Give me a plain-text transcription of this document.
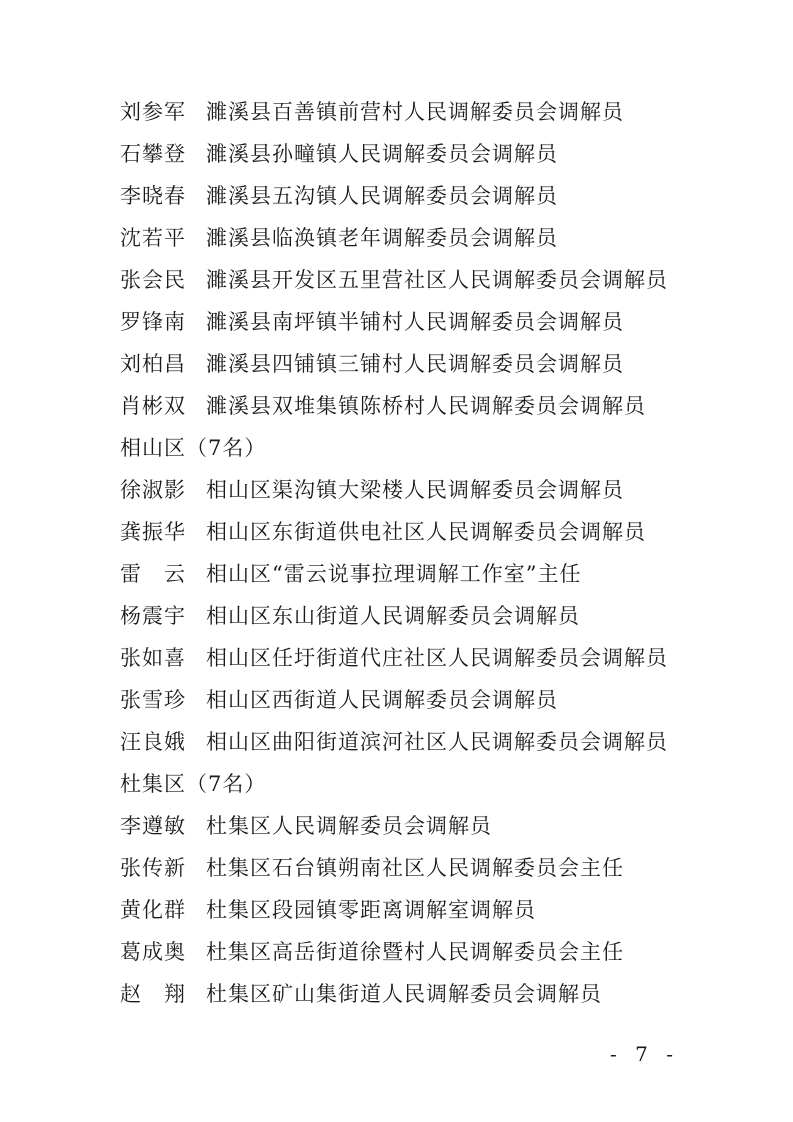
刘参军 濉溪县百善镇前营村人民调解委员会调解员
石攀登 濉溪县孙疃镇人民调解委员会调解员
李晓春 濉溪县五沟镇人民调解委员会调解员
沈若平 濉溪县临涣镇老年调解委员会调解员
张会民 濉溪县开发区五里营社区人民调解委员会调解员
罗锋南 濉溪县南坪镇半铺村人民调解委员会调解员
刘柏昌 濉溪县四铺镇三铺村人民调解委员会调解员
肖彬双 濉溪县双堆集镇陈桥村人民调解委员会调解员
相山区（7名）
徐淑影 相山区渠沟镇大梁楼人民调解委员会调解员
龚振华 相山区东街道供电社区人民调解委员会调解员
雷　云 相山区“雷云说事拉理调解工作室”主任
杨震宇 相山区东山街道人民调解委员会调解员
张如喜 相山区任圩街道代庄社区人民调解委员会调解员
张雪珍 相山区西街道人民调解委员会调解员
汪良娥 相山区曲阳街道滨河社区人民调解委员会调解员
杜集区（7名）
李遵敏 杜集区人民调解委员会调解员
张传新 杜集区石台镇朔南社区人民调解委员会主任
黄化群 杜集区段园镇零距离调解室调解员
葛成奥 杜集区高岳街道徐暨村人民调解委员会主任
赵　翔 杜集区矿山集街道人民调解委员会调解员
- 7 -
